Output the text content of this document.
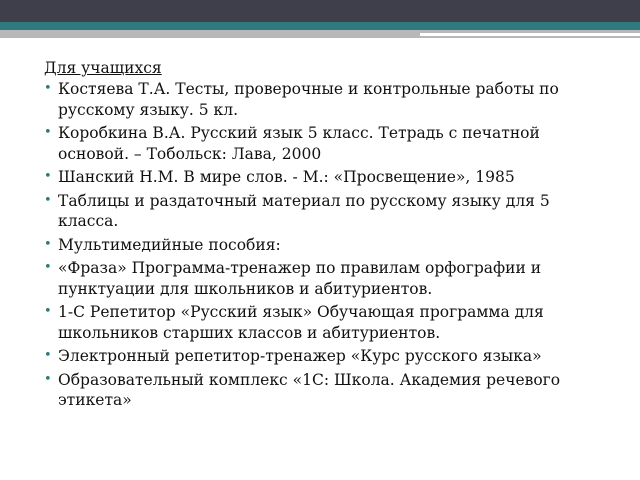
Для учащихся
• Костяева Т.А. Тесты, проверочные и контрольные работы по русскому языку. 5 кл.
• Коробкина В.А. Русский язык 5 класс. Тетрадь с печатной основой. – Тобольск: Лава, 2000
• Шанский Н.М. В мире слов. - М.: «Просвещение», 1985
• Таблицы и раздаточный материал по русскому языку для 5 класса.
• Мультимедийные пособия:
• «Фраза» Программа-тренажер по правилам орфографии и пунктуации для школьников и абитуриентов.
• 1-С Репетитор «Русский язык» Обучающая программа для школьников старших классов и абитуриентов.
• Электронный репетитор-тренажер «Курс русского языка»
• Образовательный комплекс «1С: Школа. Академия речевого этикета»
